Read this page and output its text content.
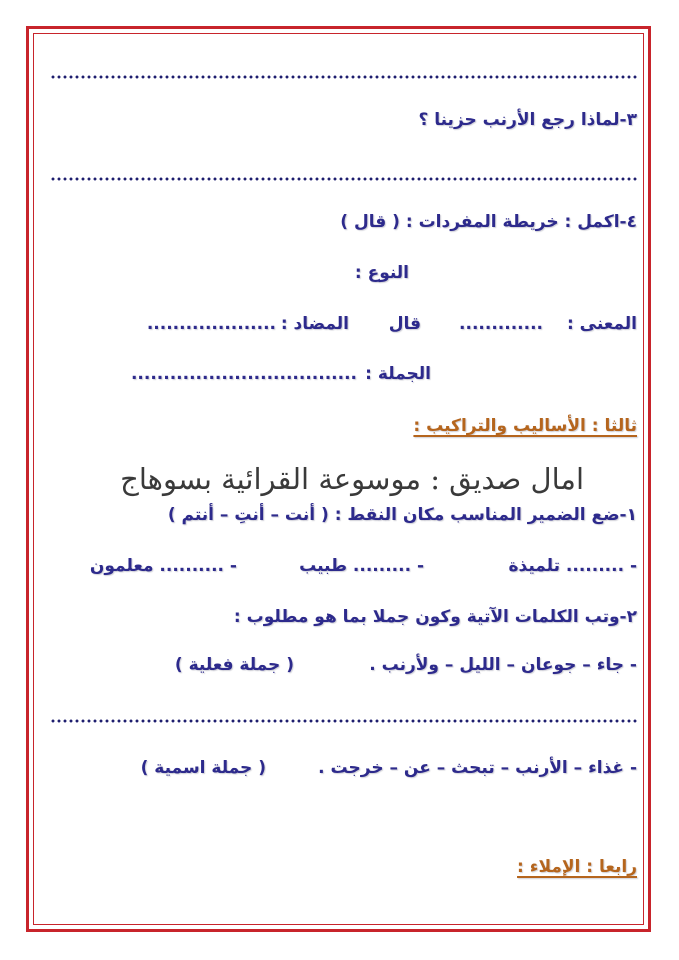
٣-لماذا رجع الأرنب حزينا ؟
٤-اكمل : خريطة المفردات : ( قال )
النوع :
المعنى :
.............
قال
المضاد :
....................
الجملة :
...................................
ثالثا : الأساليب والتراكيب :
امال صديق : موسوعة القرائية بسوهاج
١-ضع الضمير المناسب مكان النقط : ( أنت – أنتِ – أنتم )
- ......... تلميذة
- ......... طبيب
- .......... معلمون
٢-وتب الكلمات الآتية وكون جملا بما هو مطلوب :
- جاء – جوعان – الليل – ولأرنب .
( جملة فعلية )
- غذاء – الأرنب – تبحث – عن – خرجت .
( جملة اسمية )
رابعا : الإملاء :
